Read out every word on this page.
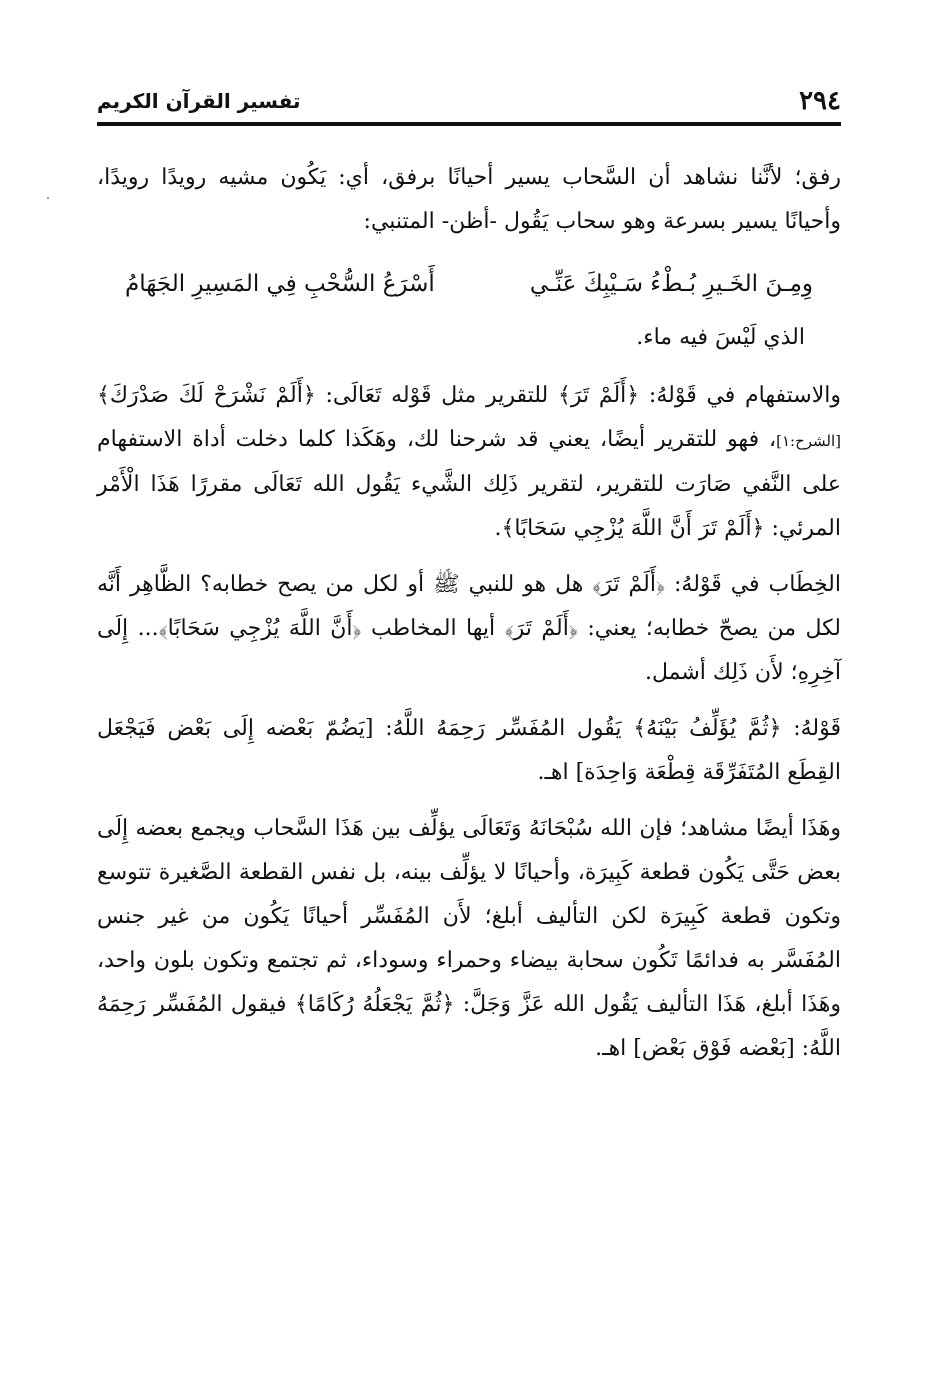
٢٩٤
تفسير القرآن الكريم

رفق؛ لأنَّنا نشاهد أن السَّحاب يسير أحيانًا برفق، أي: يَكُون مشيه رويدًا رويدًا، وأحيانًا يسير بسرعة وهو سحاب يَقُول -أظن- المتنبي:

وِمِـنَ الخَـيرِ بُـطْءُ سَـيْبِكَ عَنِّـي
أَسْرَعُ السُّحْبِ فِي المَسِيرِ الجَهَامُ

الذي لَيْسَ فيه ماء.

والاستفهام في قَوْلهُ: ﴿أَلَمْ تَرَ﴾ للتقرير مثل قَوْله تَعَالَى: ﴿أَلَمْ نَشْرَحْ لَكَ صَدْرَكَ﴾ [الشرح:١]، فهو للتقرير أيضًا، يعني قد شرحنا لك، وهَكَذا كلما دخلت أداة الاستفهام على النَّفي صَارَت للتقرير، لتقرير ذَلِك الشَّيء يَقُول الله تَعَالَى مقررًا هَذَا الْأَمْر المرئي: ﴿أَلَمْ تَرَ أَنَّ اللَّهَ يُزْجِي سَحَابًا﴾.

الخِطَاب في قَوْلهُ: ﴿أَلَمْ تَرَ﴾ هل هو للنبي ﷺ أو لكل من يصح خطابه؟ الظَّاهِر أَنَّه لكل من يصحّ خطابه؛ يعني: ﴿أَلَمْ تَرَ﴾ أيها المخاطب ﴿أَنَّ اللَّهَ يُزْجِي سَحَابًا﴾... إِلَى آخِرِهِ؛ لأَن ذَلِك أشمل.

قَوْلهُ: ﴿ثُمَّ يُؤَلِّفُ بَيْنَهُ﴾ يَقُول المُفَسِّر رَحِمَهُ اللَّهُ: [يَضُمّ بَعْضه إِلَى بَعْض فَيَجْعَل القِطَع المُتَفَرِّقَة قِطْعَة وَاحِدَة] اهـ.

وهَذَا أيضًا مشاهد؛ فإن الله سُبْحَانَهُ وَتَعَالَى يؤلِّف بين هَذَا السَّحاب ويجمع بعضه إِلَى بعض حَتَّى يَكُون قطعة كَبِيرَة، وأحيانًا لا يؤلِّف بينه، بل نفس القطعة الصَّغيرة تتوسع وتكون قطعة كَبِيرَة لكن التأليف أبلغ؛ لأَن المُفَسِّر أحيانًا يَكُون من غير جنس المُفَسَّر به فدائمًا تَكُون سحابة بيضاء وحمراء وسوداء، ثم تجتمع وتكون بلون واحد، وهَذَا أبلغ، هَذَا التأليف يَقُول الله عَزَّ وَجَلَّ: ﴿ثُمَّ يَجْعَلُهُ رُكَامًا﴾ فيقول المُفَسِّر رَحِمَهُ اللَّهُ: [بَعْضه فَوْق بَعْض] اهـ.
